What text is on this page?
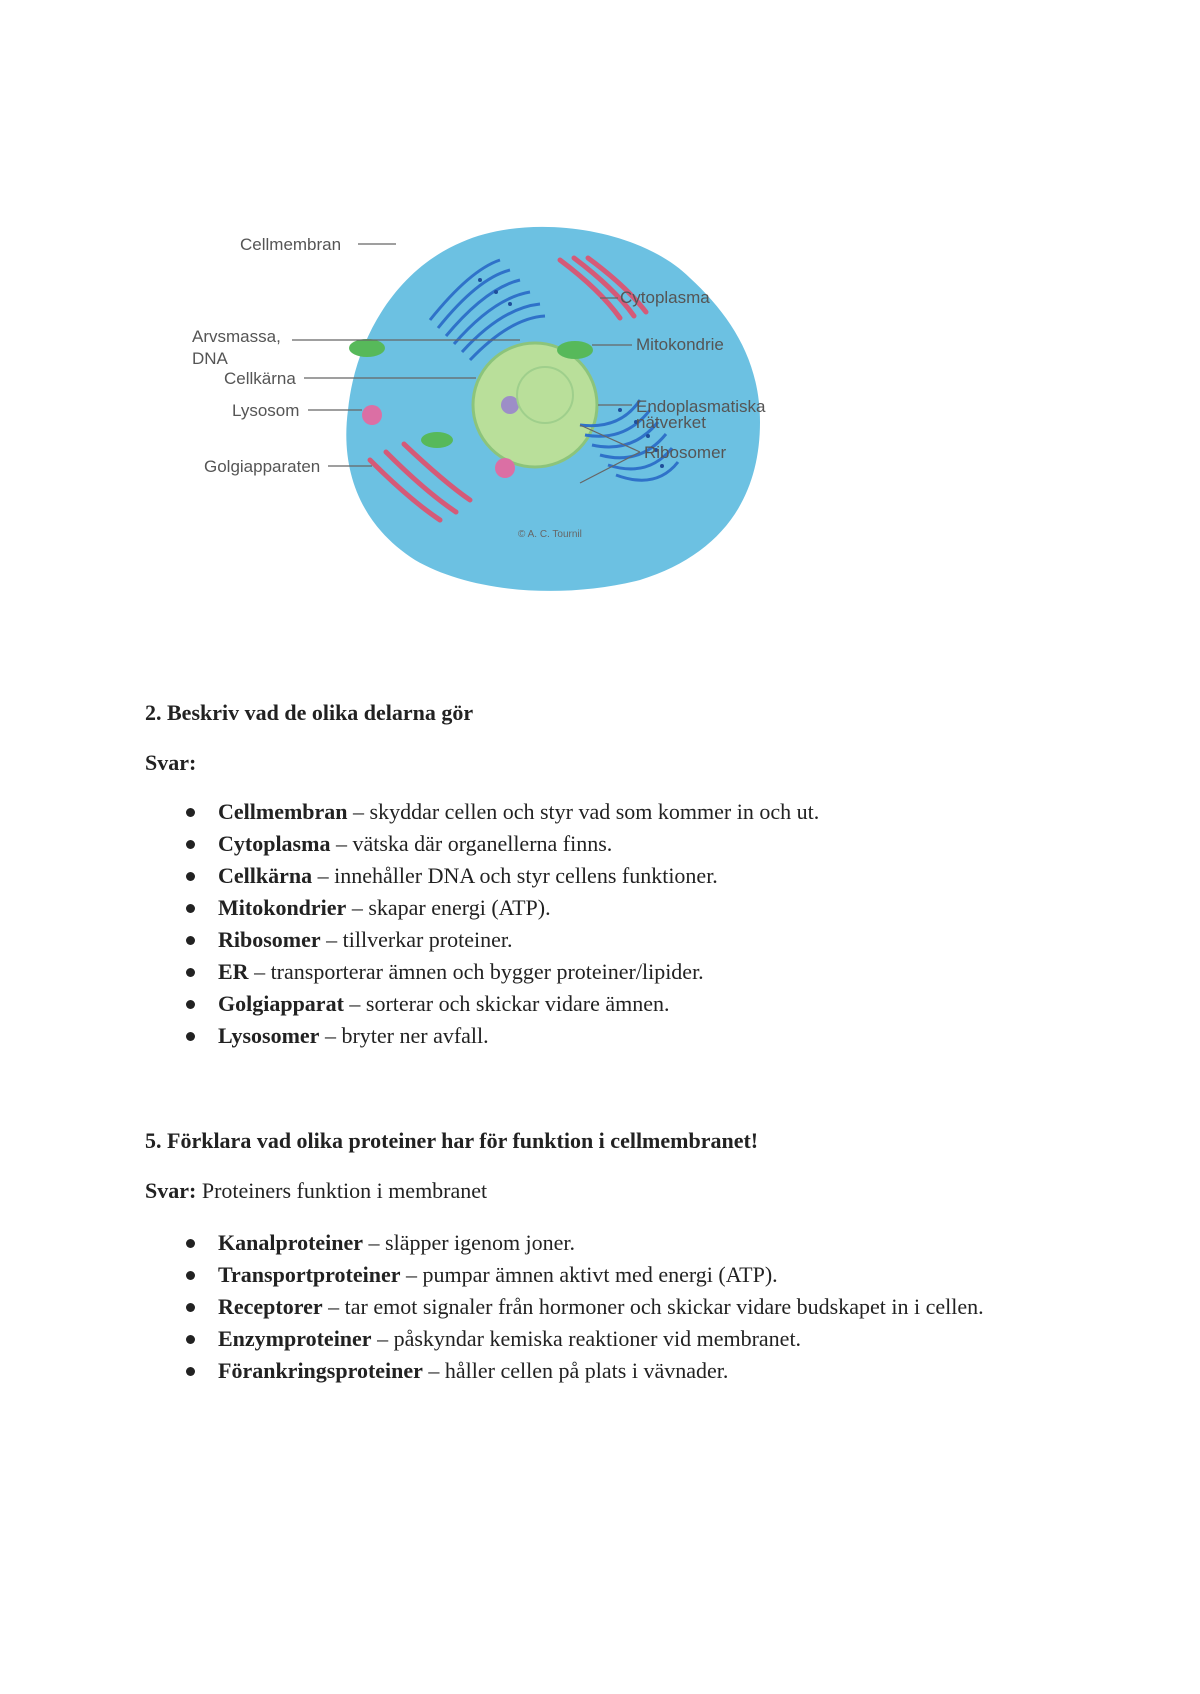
Cellmembran
Cytoplasma
Arvsmassa,
DNA
Mitokondrie
Cellkärna
Endoplasmatiska
nätverket
Lysosom
Ribosomer
Golgiapparaten
© A. C. Tournil

2. Beskriv vad de olika delarna gör

Svar:

Cellmembran – skyddar cellen och styr vad som kommer in och ut.
Cytoplasma – vätska där organellerna finns.
Cellkärna – innehåller DNA och styr cellens funktioner.
Mitokondrier – skapar energi (ATP).
Ribosomer – tillverkar proteiner.
ER – transporterar ämnen och bygger proteiner/lipider.
Golgiapparat – sorterar och skickar vidare ämnen.
Lysosomer – bryter ner avfall.

5. Förklara vad olika proteiner har för funktion i cellmembranet!

Svar: Proteiners funktion i membranet

Kanalproteiner – släpper igenom joner.
Transportproteiner – pumpar ämnen aktivt med energi (ATP).
Receptorer – tar emot signaler från hormoner och skickar vidare budskapet in i cellen.
Enzymproteiner – påskyndar kemiska reaktioner vid membranet.
Förankringsproteiner – håller cellen på plats i vävnader.
